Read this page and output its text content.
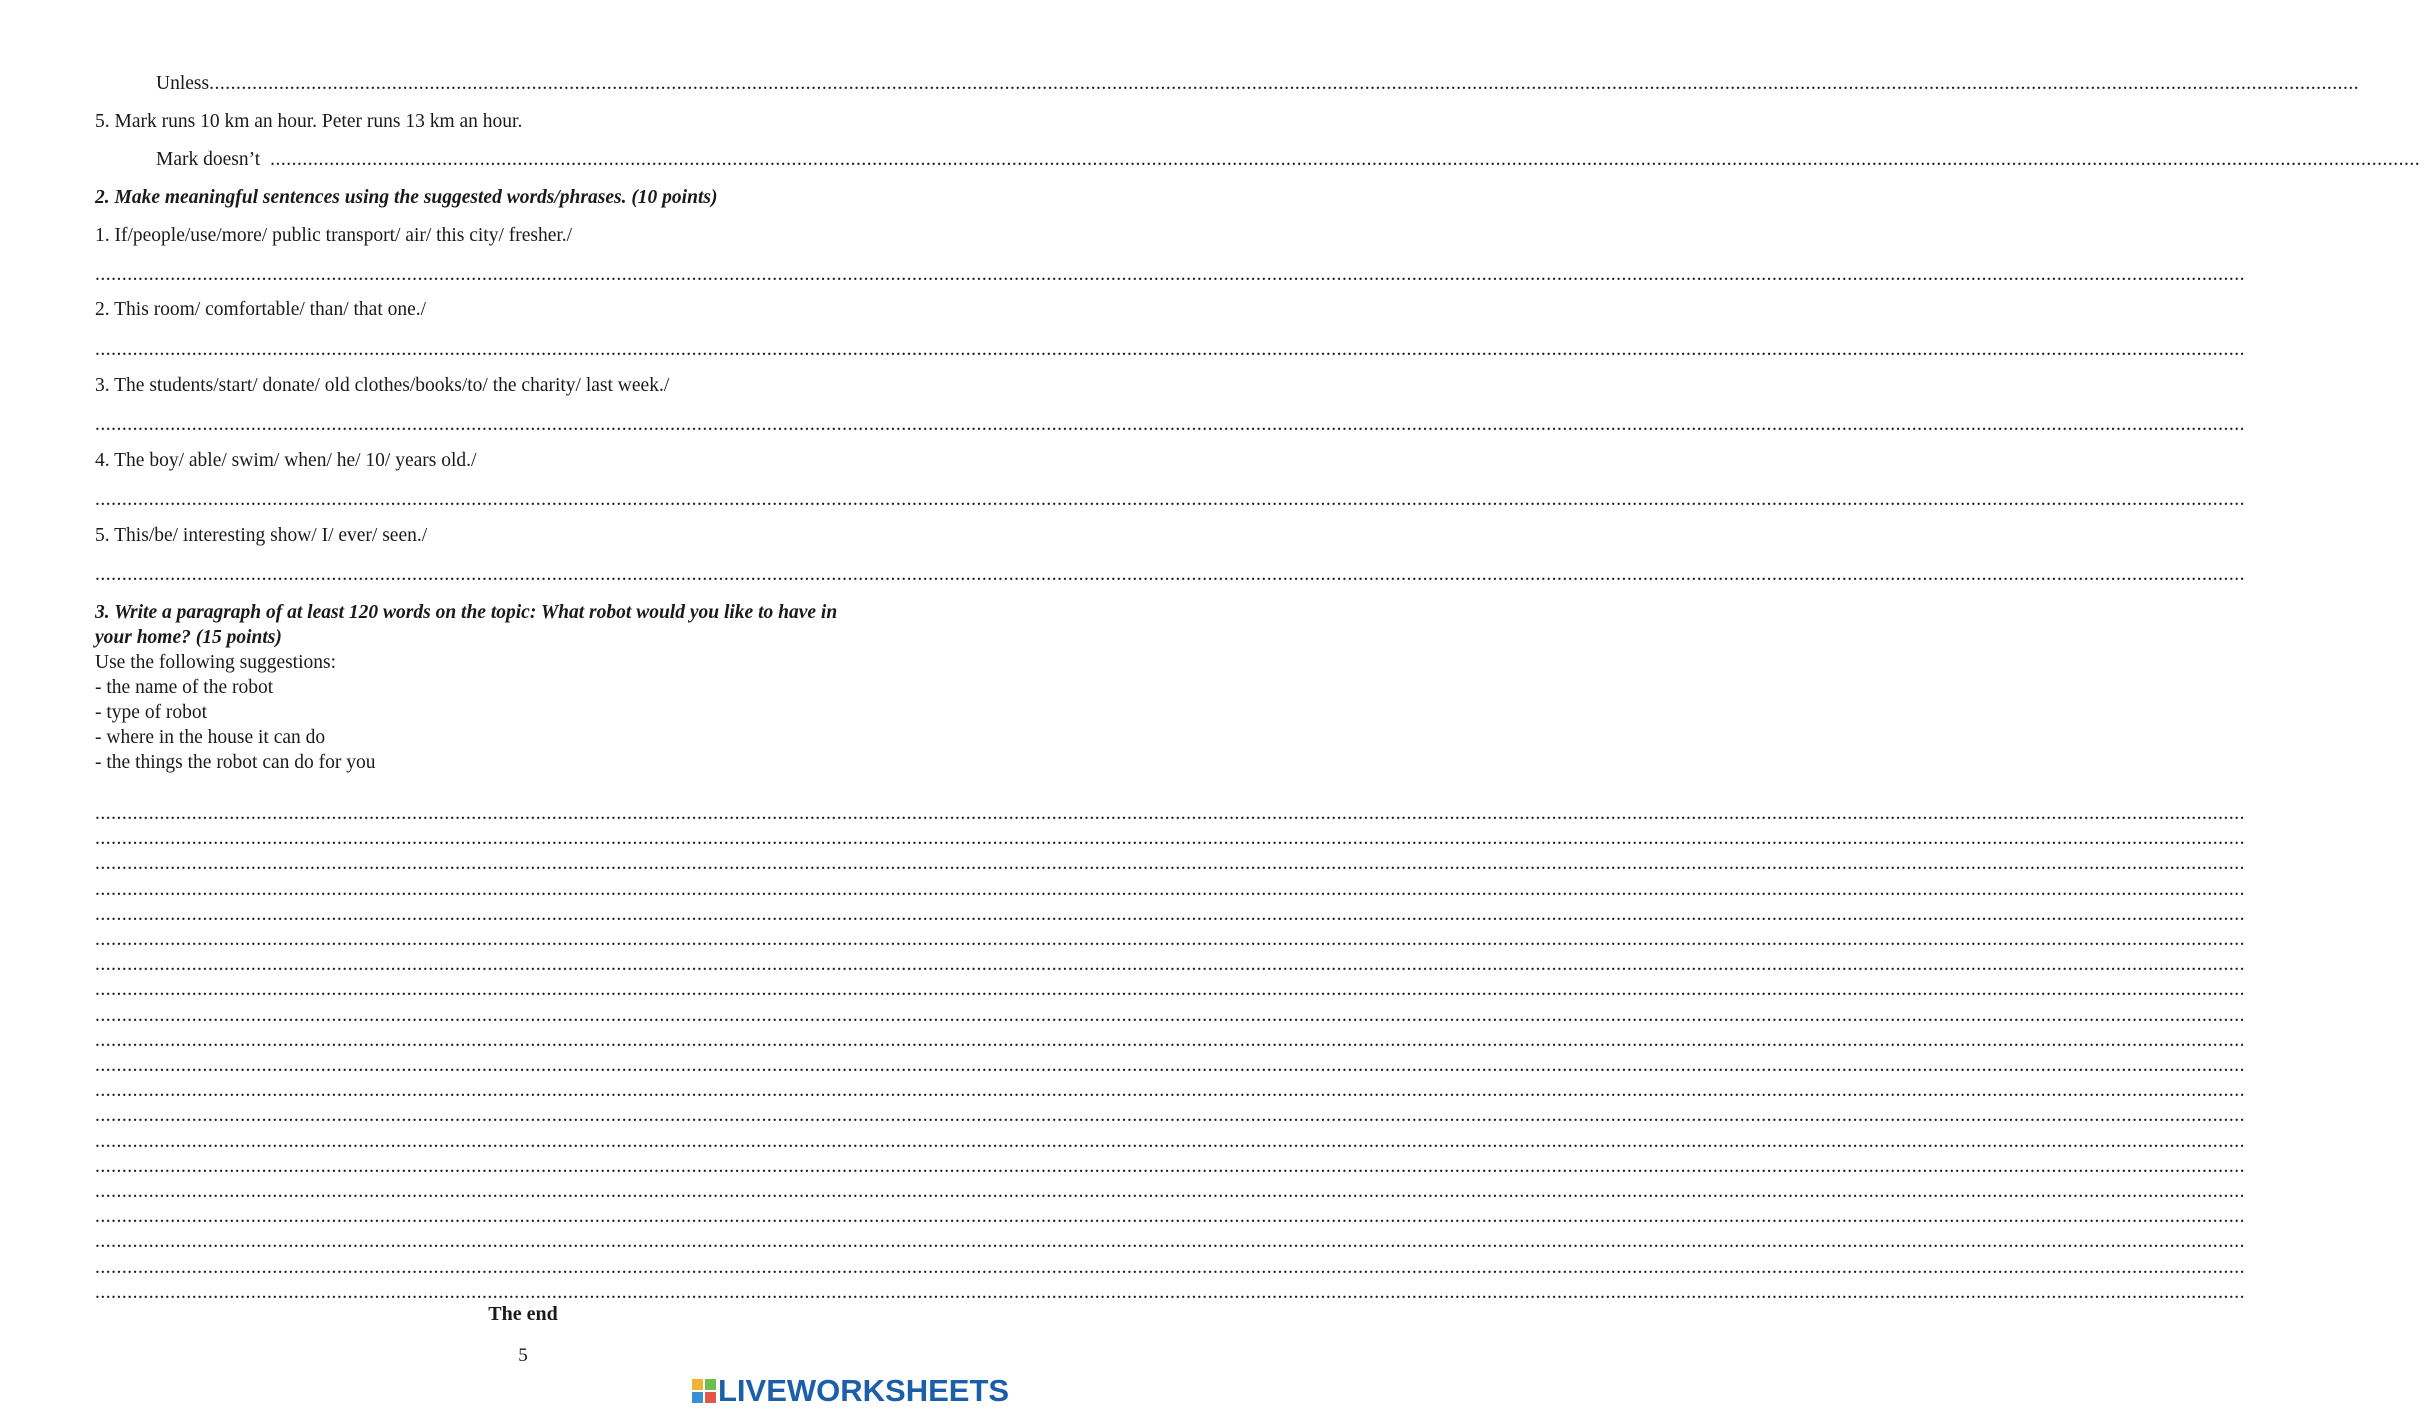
Unless ................................................................................................................................................................................................................................................................................................................................................................................................................
5. Mark runs 10 km an hour. Peter runs 13 km an hour.
Mark doesn’t ................................................................................................................................................................................................................................................................................................................................................................................................................
2. Make meaningful sentences using the suggested words/phrases. (10 points)
1. If/people/use/more/ public transport/ air/ this city/ fresher./
................................................................................................................................................................................................................................................................................................................................................................................................................
2. This room/ comfortable/ than/ that one./
................................................................................................................................................................................................................................................................................................................................................................................................................
3. The students/start/ donate/ old clothes/books/to/ the charity/ last week./
................................................................................................................................................................................................................................................................................................................................................................................................................
4. The boy/ able/ swim/ when/ he/ 10/ years old./
................................................................................................................................................................................................................................................................................................................................................................................................................
5. This/be/ interesting show/ I/ ever/ seen./
................................................................................................................................................................................................................................................................................................................................................................................................................
3. Write a paragraph of at least 120 words on the topic: What robot would you like to have in
your home? (15 points)
Use the following suggestions:
- the name of the robot
- type of robot
- where in the house it can do
- the things the robot can do for you
................................................................................................................................................................................................................................................................................................................................................................................................................
................................................................................................................................................................................................................................................................................................................................................................................................................
................................................................................................................................................................................................................................................................................................................................................................................................................
................................................................................................................................................................................................................................................................................................................................................................................................................
................................................................................................................................................................................................................................................................................................................................................................................................................
................................................................................................................................................................................................................................................................................................................................................................................................................
................................................................................................................................................................................................................................................................................................................................................................................................................
................................................................................................................................................................................................................................................................................................................................................................................................................
................................................................................................................................................................................................................................................................................................................................................................................................................
................................................................................................................................................................................................................................................................................................................................................................................................................
................................................................................................................................................................................................................................................................................................................................................................................................................
................................................................................................................................................................................................................................................................................................................................................................................................................
................................................................................................................................................................................................................................................................................................................................................................................................................
................................................................................................................................................................................................................................................................................................................................................................................................................
................................................................................................................................................................................................................................................................................................................................................................................................................
................................................................................................................................................................................................................................................................................................................................................................................................................
................................................................................................................................................................................................................................................................................................................................................................................................................
................................................................................................................................................................................................................................................................................................................................................................................................................
................................................................................................................................................................................................................................................................................................................................................................................................................
................................................................................................................................................................................................................................................................................................................................................................................................................
The end
5
LIVEWORKSHEETS
